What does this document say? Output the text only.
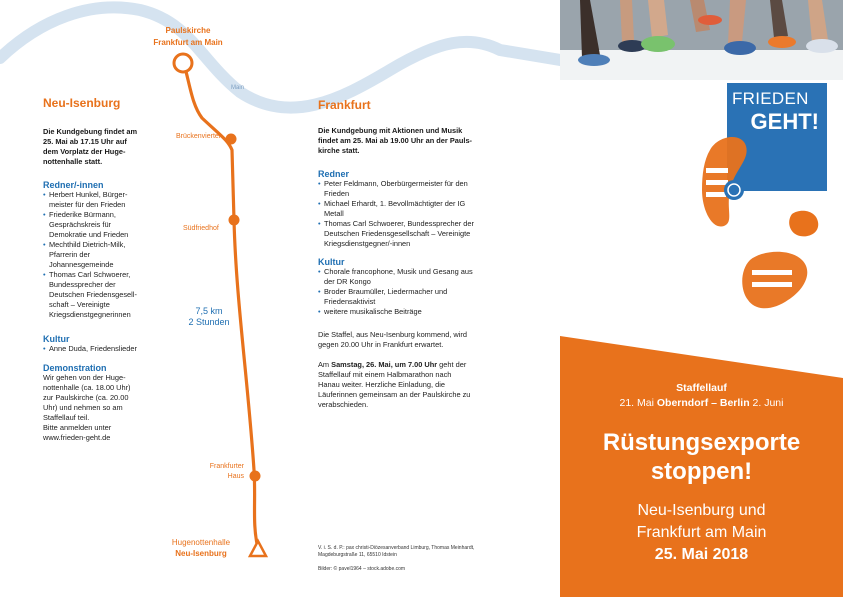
Paulskirche
Frankfurt am Main
Main
Brückenviertel
Südfriedhof
7,5 km
2 Stunden
Frankfurter
Haus
Hugenottenhalle
Neu-Isenburg
Neu-Isenburg
Die Kundgebung findet am
25. Mai ab 17.15 Uhr auf
dem Vorplatz der Huge-
nottenhalle statt.
Redner/-innen
• Herbert Hunkel, Bürger-
meister für den Frieden
• Friederike Bürmann,
Gesprächskreis für
Demokratie und Frieden
• Mechthild Dietrich-Milk,
Pfarrerin der
Johannesgemeinde
• Thomas Carl Schwoerer,
Bundessprecher der
Deutschen Friedensgesell-
schaft – Vereinigte
Kriegsdienstgegnerinnen
Kultur
• Anne Duda, Friedenslieder
Demonstration
Wir gehen von der Huge-
nottenhalle (ca. 18.00 Uhr)
zur Paulskirche (ca. 20.00
Uhr) und nehmen so am
Staffellauf teil.
Bitte anmelden unter
www.frieden-geht.de
Frankfurt
Die Kundgebung mit Aktionen und Musik
findet am 25. Mai ab 19.00 Uhr an der Pauls-
kirche statt.
Redner
• Peter Feldmann, Oberbürgermeister für den
Frieden
• Michael Erhardt, 1. Bevollmächtigter der IG
Metall
• Thomas Carl Schwoerer, Bundessprecher der
Deutschen Friedensgesellschaft – Vereinigte
Kriegsdienstgegner/-innen
Kultur
• Chorale francophone, Musik und Gesang aus
der DR Kongo
• Broder Braumüller, Liedermacher und
Friedensaktivist
• weitere musikalische Beiträge
Die Staffel, aus Neu-Isenburg kommend, wird
gegen 20.00 Uhr in Frankfurt erwartet.
Am Samstag, 26. Mai, um 7.00 Uhr geht der
Staffellauf mit einem Halbmarathon nach
Hanau weiter. Herzliche Einladung, die
Läuferinnen gemeinsam an der Paulskirche zu
verabschieden.
V. i. S. d. P.: pax christi-Diözesanverband Limburg, Thomas Meinhardt,
Magdeburgstraße 11, 65510 Idstein
Bilder: © pavel1964 – stock.adobe.com
FRIEDEN
GEHT!
Staffellauf
21. Mai Oberndorf – Berlin 2. Juni
Rüstungsexporte
stoppen!
Neu-Isenburg und
Frankfurt am Main
25. Mai 2018
